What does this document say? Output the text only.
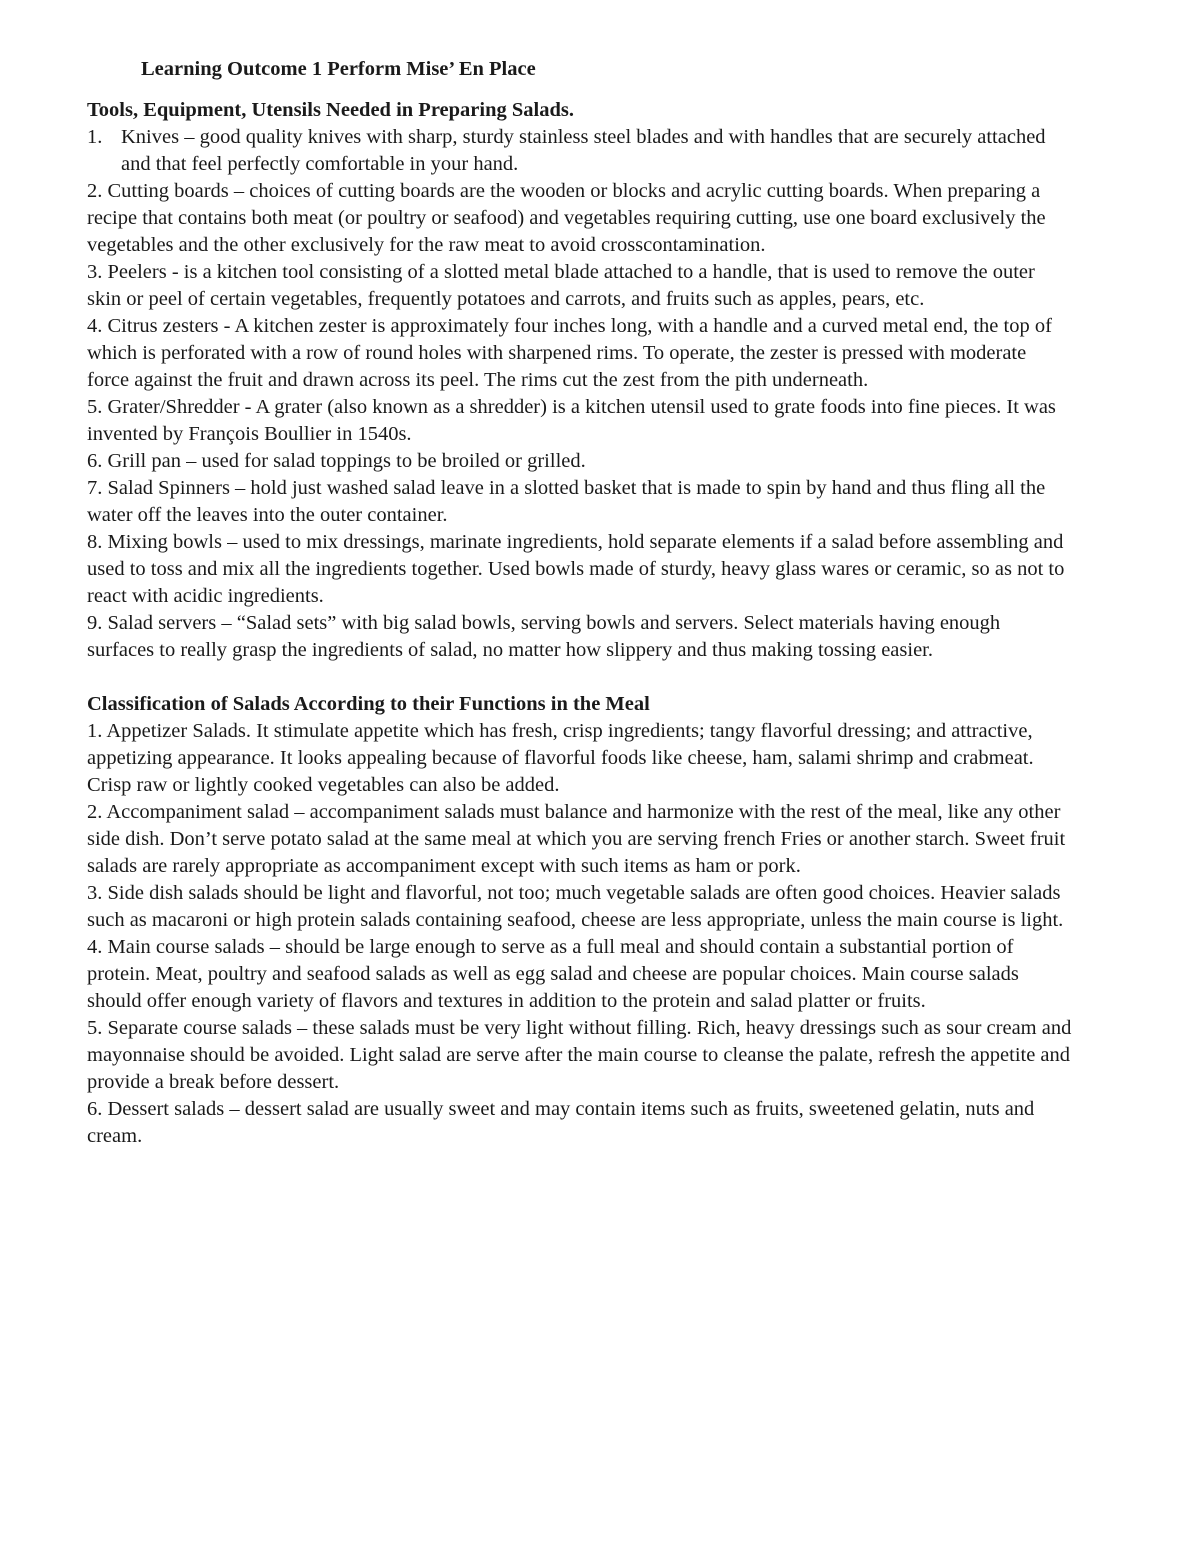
Learning Outcome 1 Perform Mise’ En Place

Tools, Equipment, Utensils Needed in Preparing Salads.

1. Knives – good quality knives with sharp, sturdy stainless steel blades and with handles that are securely attached and that feel perfectly comfortable in your hand.

2. Cutting boards – choices of cutting boards are the wooden or blocks and acrylic cutting boards. When preparing a recipe that contains both meat (or poultry or seafood) and vegetables requiring cutting, use one board exclusively the vegetables and the other exclusively for the raw meat to avoid crosscontamination.

3. Peelers - is a kitchen tool consisting of a slotted metal blade attached to a handle, that is used to remove the outer skin or peel of certain vegetables, frequently potatoes and carrots, and fruits such as apples, pears, etc.

4. Citrus zesters - A kitchen zester is approximately four inches long, with a handle and a curved metal end, the top of which is perforated with a row of round holes with sharpened rims. To operate, the zester is pressed with moderate force against the fruit and drawn across its peel. The rims cut the zest from the pith underneath.

5. Grater/Shredder - A grater (also known as a shredder) is a kitchen utensil used to grate foods into fine pieces. It was invented by François Boullier in 1540s.

6. Grill pan – used for salad toppings to be broiled or grilled.

7. Salad Spinners – hold just washed salad leave in a slotted basket that is made to spin by hand and thus fling all the water off the leaves into the outer container.

8. Mixing bowls – used to mix dressings, marinate ingredients, hold separate elements if a salad before assembling and used to toss and mix all the ingredients together. Used bowls made of sturdy, heavy glass wares or ceramic, so as not to react with acidic ingredients.

9. Salad servers – “Salad sets” with big salad bowls, serving bowls and servers. Select materials having enough surfaces to really grasp the ingredients of salad, no matter how slippery and thus making tossing easier.

Classification of Salads According to their Functions in the Meal

1. Appetizer Salads. It stimulate appetite which has fresh, crisp ingredients; tangy flavorful dressing; and attractive, appetizing appearance. It looks appealing because of flavorful foods like cheese, ham, salami shrimp and crabmeat. Crisp raw or lightly cooked vegetables can also be added.

2. Accompaniment salad – accompaniment salads must balance and harmonize with the rest of the meal, like any other side dish. Don’t serve potato salad at the same meal at which you are serving french Fries or another starch. Sweet fruit salads are rarely appropriate as accompaniment except with such items as ham or pork.

3. Side dish salads should be light and flavorful, not too; much vegetable salads are often good choices. Heavier salads such as macaroni or high protein salads containing seafood, cheese are less appropriate, unless the main course is light.

4. Main course salads – should be large enough to serve as a full meal and should contain a substantial portion of protein. Meat, poultry and seafood salads as well as egg salad and cheese are popular choices. Main course salads should offer enough variety of flavors and textures in addition to the protein and salad platter or fruits.

5. Separate course salads – these salads must be very light without filling. Rich, heavy dressings such as sour cream and mayonnaise should be avoided. Light salad are serve after the main course to cleanse the palate, refresh the appetite and provide a break before dessert.

6. Dessert salads – dessert salad are usually sweet and may contain items such as fruits, sweetened gelatin, nuts and cream.
